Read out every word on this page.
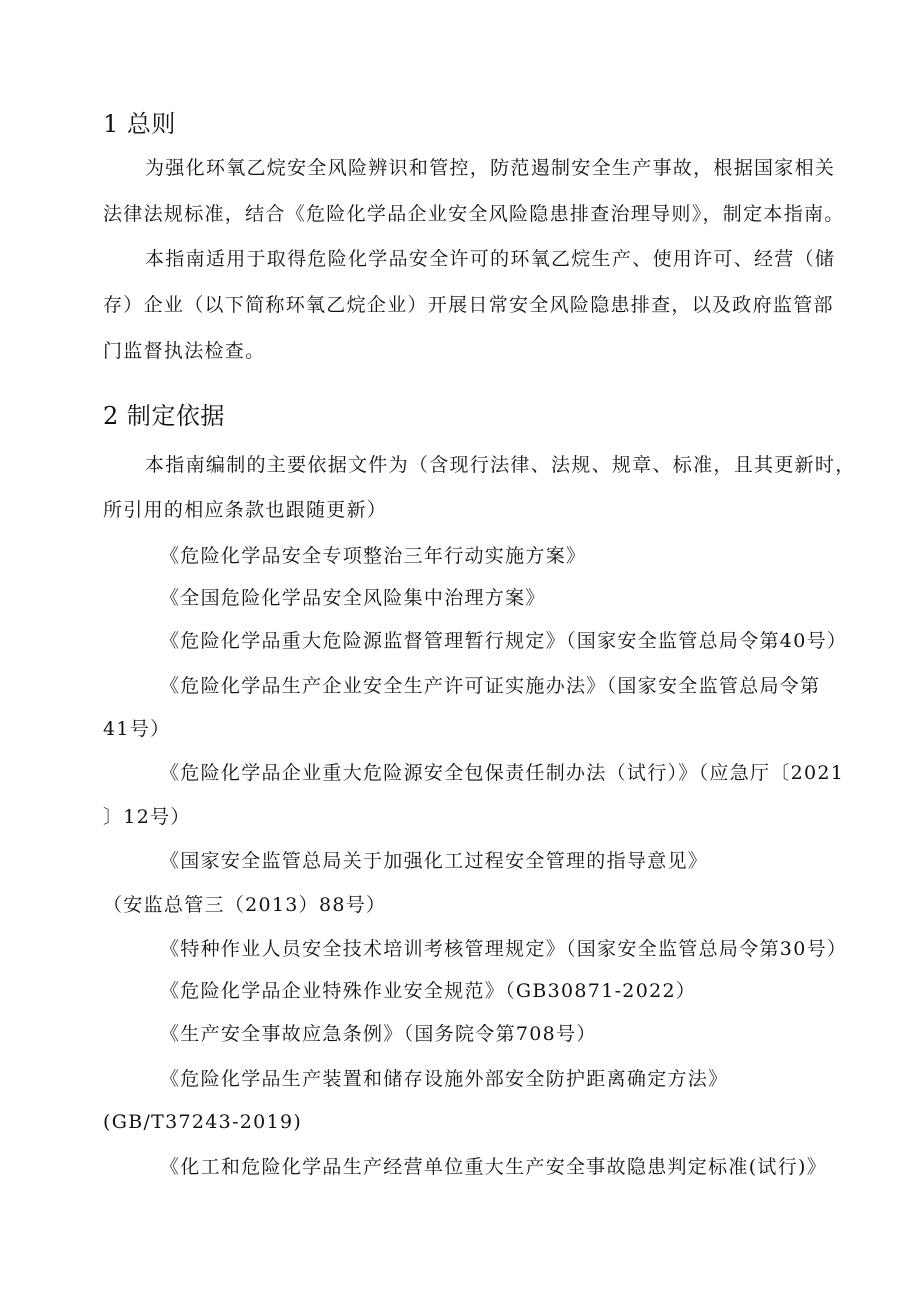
1 总则
为强化环氧乙烷安全风险辨识和管控，防范遏制安全生产事故，根据国家相关
法律法规标准，结合《危险化学品企业安全风险隐患排查治理导则》，制定本指南。
本指南适用于取得危险化学品安全许可的环氧乙烷生产、使用许可、经营（储
存）企业（以下简称环氧乙烷企业）开展日常安全风险隐患排查，以及政府监管部
门监督执法检查。
2 制定依据
本指南编制的主要依据文件为（含现行法律、法规、规章、标准，且其更新时，
所引用的相应条款也跟随更新）
《危险化学品安全专项整治三年行动实施方案》
《全国危险化学品安全风险集中治理方案》
《危险化学品重大危险源监督管理暂行规定》（国家安全监管总局令第40号）
《危险化学品生产企业安全生产许可证实施办法》（国家安全监管总局令第
41号）
《危险化学品企业重大危险源安全包保责任制办法（试行）》（应急厅〔2021
〕12号）
《国家安全监管总局关于加强化工过程安全管理的指导意见》
（安监总管三（2013）88号）
《特种作业人员安全技术培训考核管理规定》（国家安全监管总局令第30号）
《危险化学品企业特殊作业安全规范》（GB30871-2022）
《生产安全事故应急条例》（国务院令第708号）
《危险化学品生产装置和储存设施外部安全防护距离确定方法》
(GB/T37243-2019)
《化工和危险化学品生产经营单位重大生产安全事故隐患判定标准(试行)》
